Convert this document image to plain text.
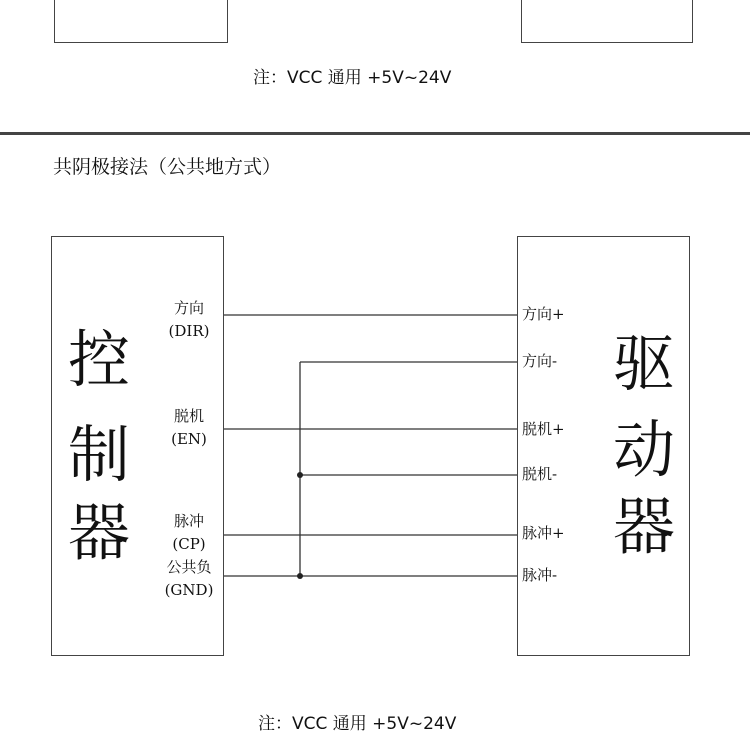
注：VCC 通用 +5V~24V
共阴极接法（公共地方式）
控
制
器
方向
(DIR)
脱机
(EN)
脉冲
(CP)
公共负
(GND)
方向+
方向-
脱机+
脱机-
脉冲+
脉冲-
驱
动
器
注：VCC 通用 +5V~24V
